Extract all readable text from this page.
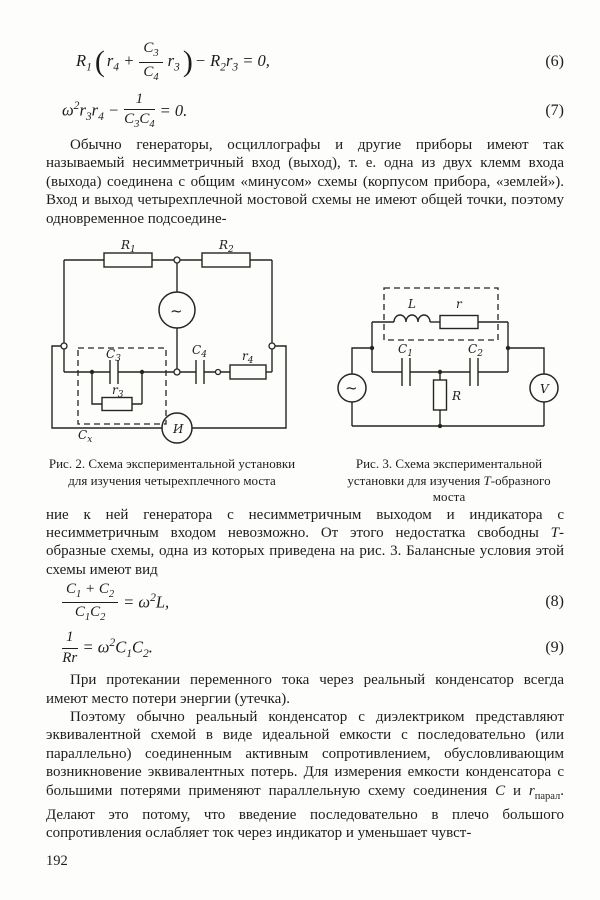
$R_1$ ( $r_4 + \frac{C_3}{C_4} r_3$ ) − $R_2r_3 = 0$,	(6)
$\omega^2r_3r_4 - \frac{1}{C_3C_4} = 0$.	(7)

Обычно генераторы, осциллографы и другие приборы имеют так называемый несимметричный вход (выход), т. е. одна из двух клемм входа (выхода) соединена с общим «минусом» схемы (корпусом прибора, «землей»). Вход и выход четырехплечной мостовой схемы не имеют общей точки, поэтому одновременное подсоедине-

И
$R_1$	$R_2$
~
$C_3$
$r_3$
$C_4$	$r_4$
$C_x$
~	V
L	r
$C_1$	$C_2$
R
Рис. 2. Схема экспериментальной установки для изучения четырехплечного моста
Рис. 3. Схема экспериментальной установки для изучения Т-образного моста

ние к ней генератора с несимметричным выходом и индикатора с несимметричным входом невозможно. От этого недостатка свободны Т-образные схемы, одна из которых приведена на рис. 3. Балансные условия этой схемы имеют вид

$\frac{C_1 + C_2}{C_1C_2} = \omega^2L$,	(8)
$\frac{1}{Rr} = \omega^2C_1C_2$.	(9)

При протекании переменного тока через реальный конденсатор всегда имеют место потери энергии (утечка).

Поэтому обычно реальный конденсатор с диэлектриком представляют эквивалентной схемой в виде идеальной емкости с последовательно (или параллельно) соединенным активным сопротивлением, обусловливающим возникновение эквивалентных потерь. Для измерения емкости конденсатора с большими потерями применяют параллельную схему соединения C и $r_{парал}$. Делают это потому, что введение последовательно в плечо большого сопротивления ослабляет ток через индикатор и уменьшает чувст-

192
